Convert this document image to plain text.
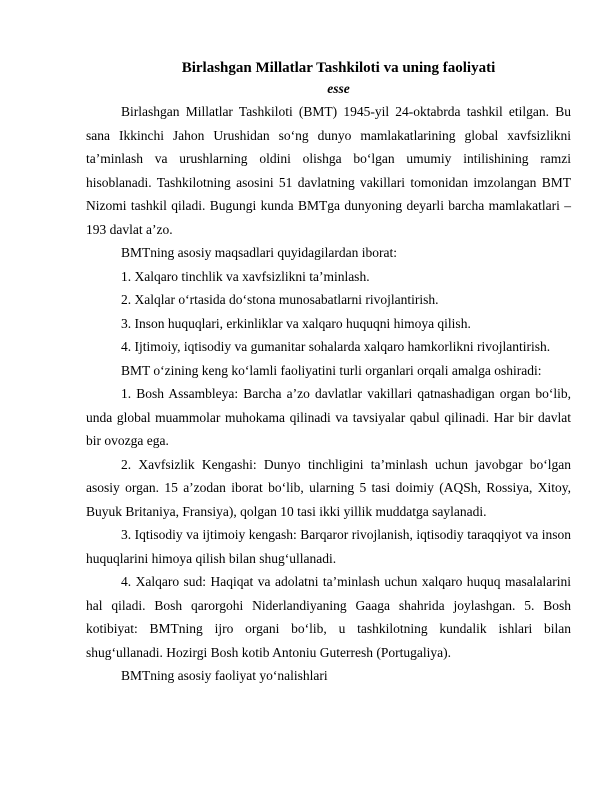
Birlashgan Millatlar Tashkiloti va uning faoliyati

esse

Birlashgan Millatlar Tashkiloti (BMT) 1945-yil 24-oktabrda tashkil etilgan. Bu sana Ikkinchi Jahon Urushidan so‘ng dunyo mamlakatlarining global xavfsizlikni ta’minlash va urushlarning oldini olishga bo‘lgan umumiy intilishining ramzi hisoblanadi. Tashkilotning asosini 51 davlatning vakillari tomonidan imzolangan BMT Nizomi tashkil qiladi. Bugungi kunda BMTga dunyoning deyarli barcha mamlakatlari – 193 davlat a’zo.

BMTning asosiy maqsadlari quyidagilardan iborat:

1. Xalqaro tinchlik va xavfsizlikni ta’minlash.

2. Xalqlar o‘rtasida do‘stona munosabatlarni rivojlantirish.

3. Inson huquqlari, erkinliklar va xalqaro huquqni himoya qilish.

4. Ijtimoiy, iqtisodiy va gumanitar sohalarda xalqaro hamkorlikni rivojlantirish.

BMT o‘zining keng ko‘lamli faoliyatini turli organlari orqali amalga oshiradi:

1. Bosh Assambleya: Barcha a’zo davlatlar vakillari qatnashadigan organ bo‘lib, unda global muammolar muhokama qilinadi va tavsiyalar qabul qilinadi. Har bir davlat bir ovozga ega.

2. Xavfsizlik Kengashi: Dunyo tinchligini ta’minlash uchun javobgar bo‘lgan asosiy organ. 15 a’zodan iborat bo‘lib, ularning 5 tasi doimiy (AQSh, Rossiya, Xitoy, Buyuk Britaniya, Fransiya), qolgan 10 tasi ikki yillik muddatga saylanadi.

3. Iqtisodiy va ijtimoiy kengash: Barqaror rivojlanish, iqtisodiy taraqqiyot va inson huquqlarini himoya qilish bilan shug‘ullanadi.

4. Xalqaro sud: Haqiqat va adolatni ta’minlash uchun xalqaro huquq masalalarini hal qiladi. Bosh qarorgohi Niderlandiyaning Gaaga shahrida joylashgan. 5. Bosh kotibiyat: BMTning ijro organi bo‘lib, u tashkilotning kundalik ishlari bilan shug‘ullanadi. Hozirgi Bosh kotib Antoniu Guterresh (Portugaliya).

BMTning asosiy faoliyat yo‘nalishlari
